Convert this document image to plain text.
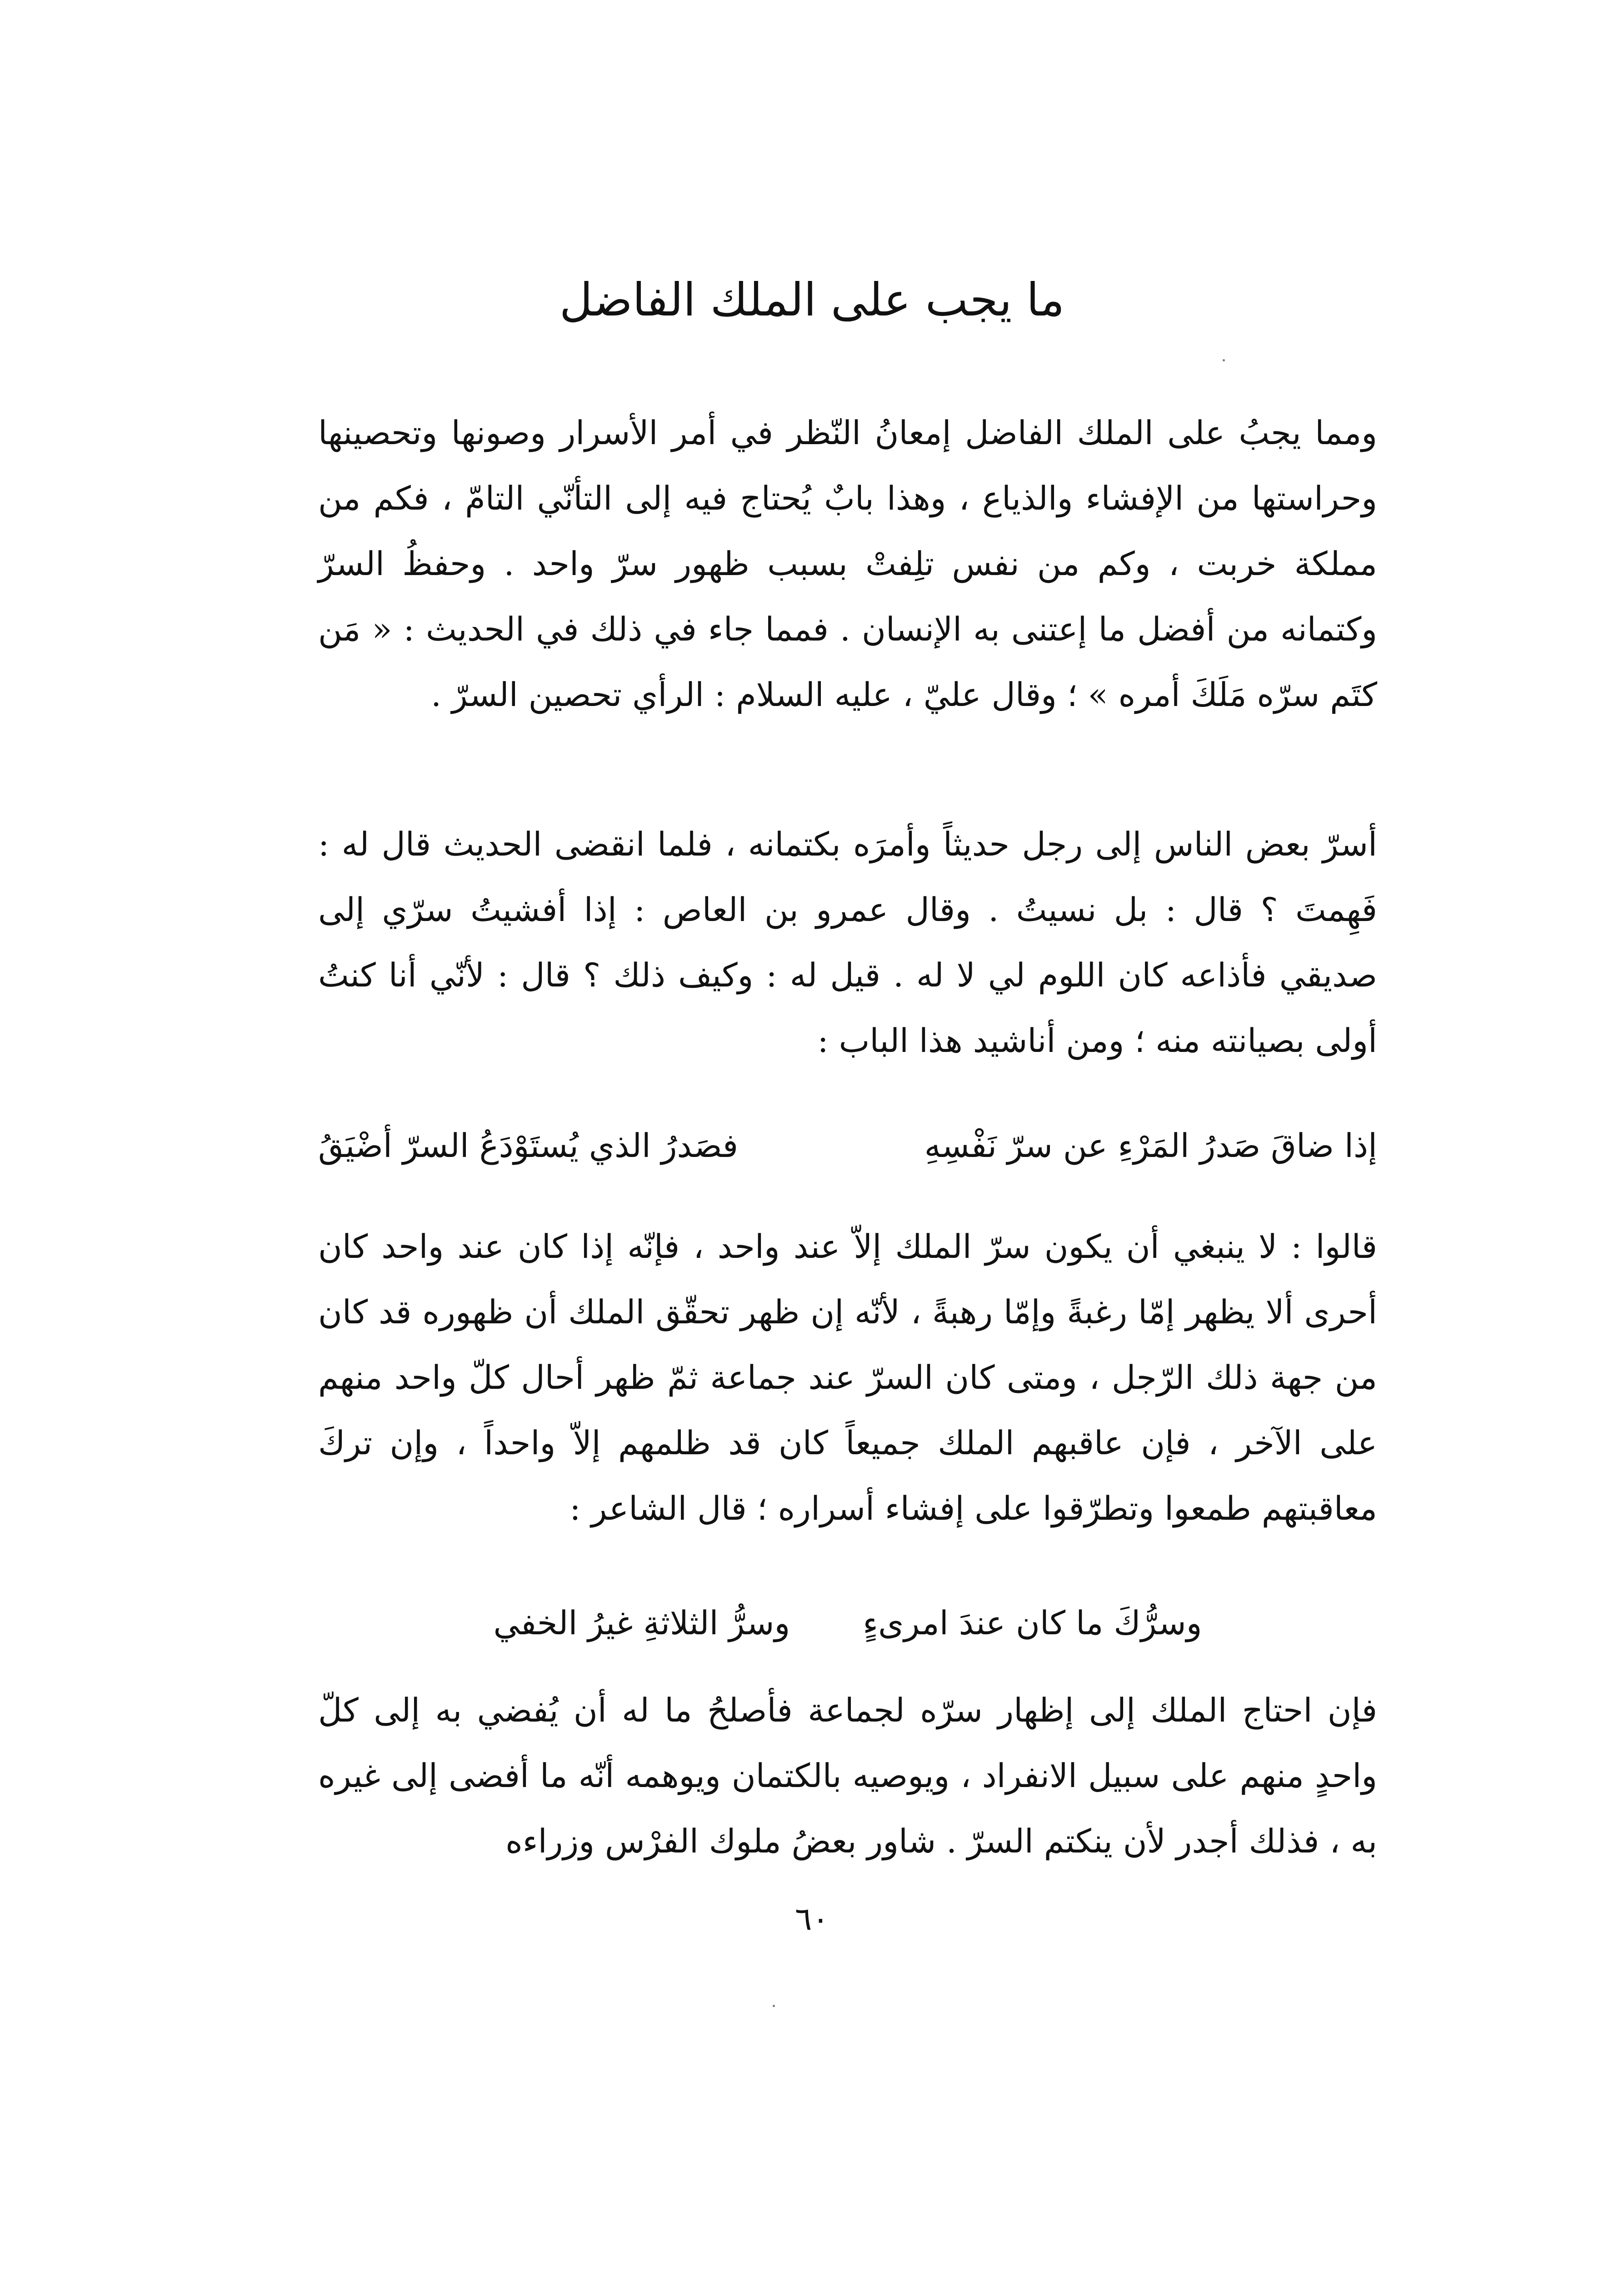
ما يجب على الملك الفاضل

ومما يجبُ على الملك الفاضل إمعانُ النّظر في أمر الأسرار وصونها وتحصينها وحراستها من الإفشاء والذياع ، وهذا بابٌ يُحتاج فيه إلى التأنّي التامّ ، فكم من مملكة خربت ، وكم من نفس تلِفتْ بسبب ظهور سرّ واحد . وحفظُ السرّ وكتمانه من أفضل ما إعتنى به الإنسان . فمما جاء في ذلك في الحديث : « مَن كتَم سرّه مَلَكَ أمره » ؛ وقال عليّ ، عليه السلام : الرأي تحصين السرّ .

أسرّ بعض الناس إلى رجل حديثاً وأمرَه بكتمانه ، فلما انقضى الحديث قال له : فَهِمتَ ؟ قال : بل نسيتُ . وقال عمرو بن العاص : إذا أفشيتُ سرّي إلى صديقي فأذاعه كان اللوم لي لا له . قيل له : وكيف ذلك ؟ قال : لأنّي أنا كنتُ أولى بصيانته منه ؛ ومن أناشيد هذا الباب :

إذا ضاقَ صَدرُ المَرْءِ عن سرّ نَفْسِهِ
فصَدرُ الذي يُستَوْدَعُ السرّ أضْيَقُ

قالوا : لا ينبغي أن يكون سرّ الملك إلاّ عند واحد ، فإنّه إذا كان عند واحد كان أحرى ألا يظهر إمّا رغبةً وإمّا رهبةً ، لأنّه إن ظهر تحقّق الملك أن ظهوره قد كان من جهة ذلك الرّجل ، ومتى كان السرّ عند جماعة ثمّ ظهر أحال كلّ واحد منهم على الآخر ، فإن عاقبهم الملك جميعاً كان قد ظلمهم إلاّ واحداً ، وإن تركَ معاقبتهم طمعوا وتطرّقوا على إفشاء أسراره ؛ قال الشاعر :

وسرُّكَ ما كان عندَ امرىءٍ
وسرُّ الثلاثةِ غيرُ الخفي

فإن احتاج الملك إلى إظهار سرّه لجماعة فأصلحُ ما له أن يُفضي به إلى كلّ واحدٍ منهم على سبيل الانفراد ، ويوصيه بالكتمان ويوهمه أنّه ما أفضى إلى غيره به ، فذلك أجدر لأن ينكتم السرّ . شاور بعضُ ملوك الفرْس وزراءه

٦٠
